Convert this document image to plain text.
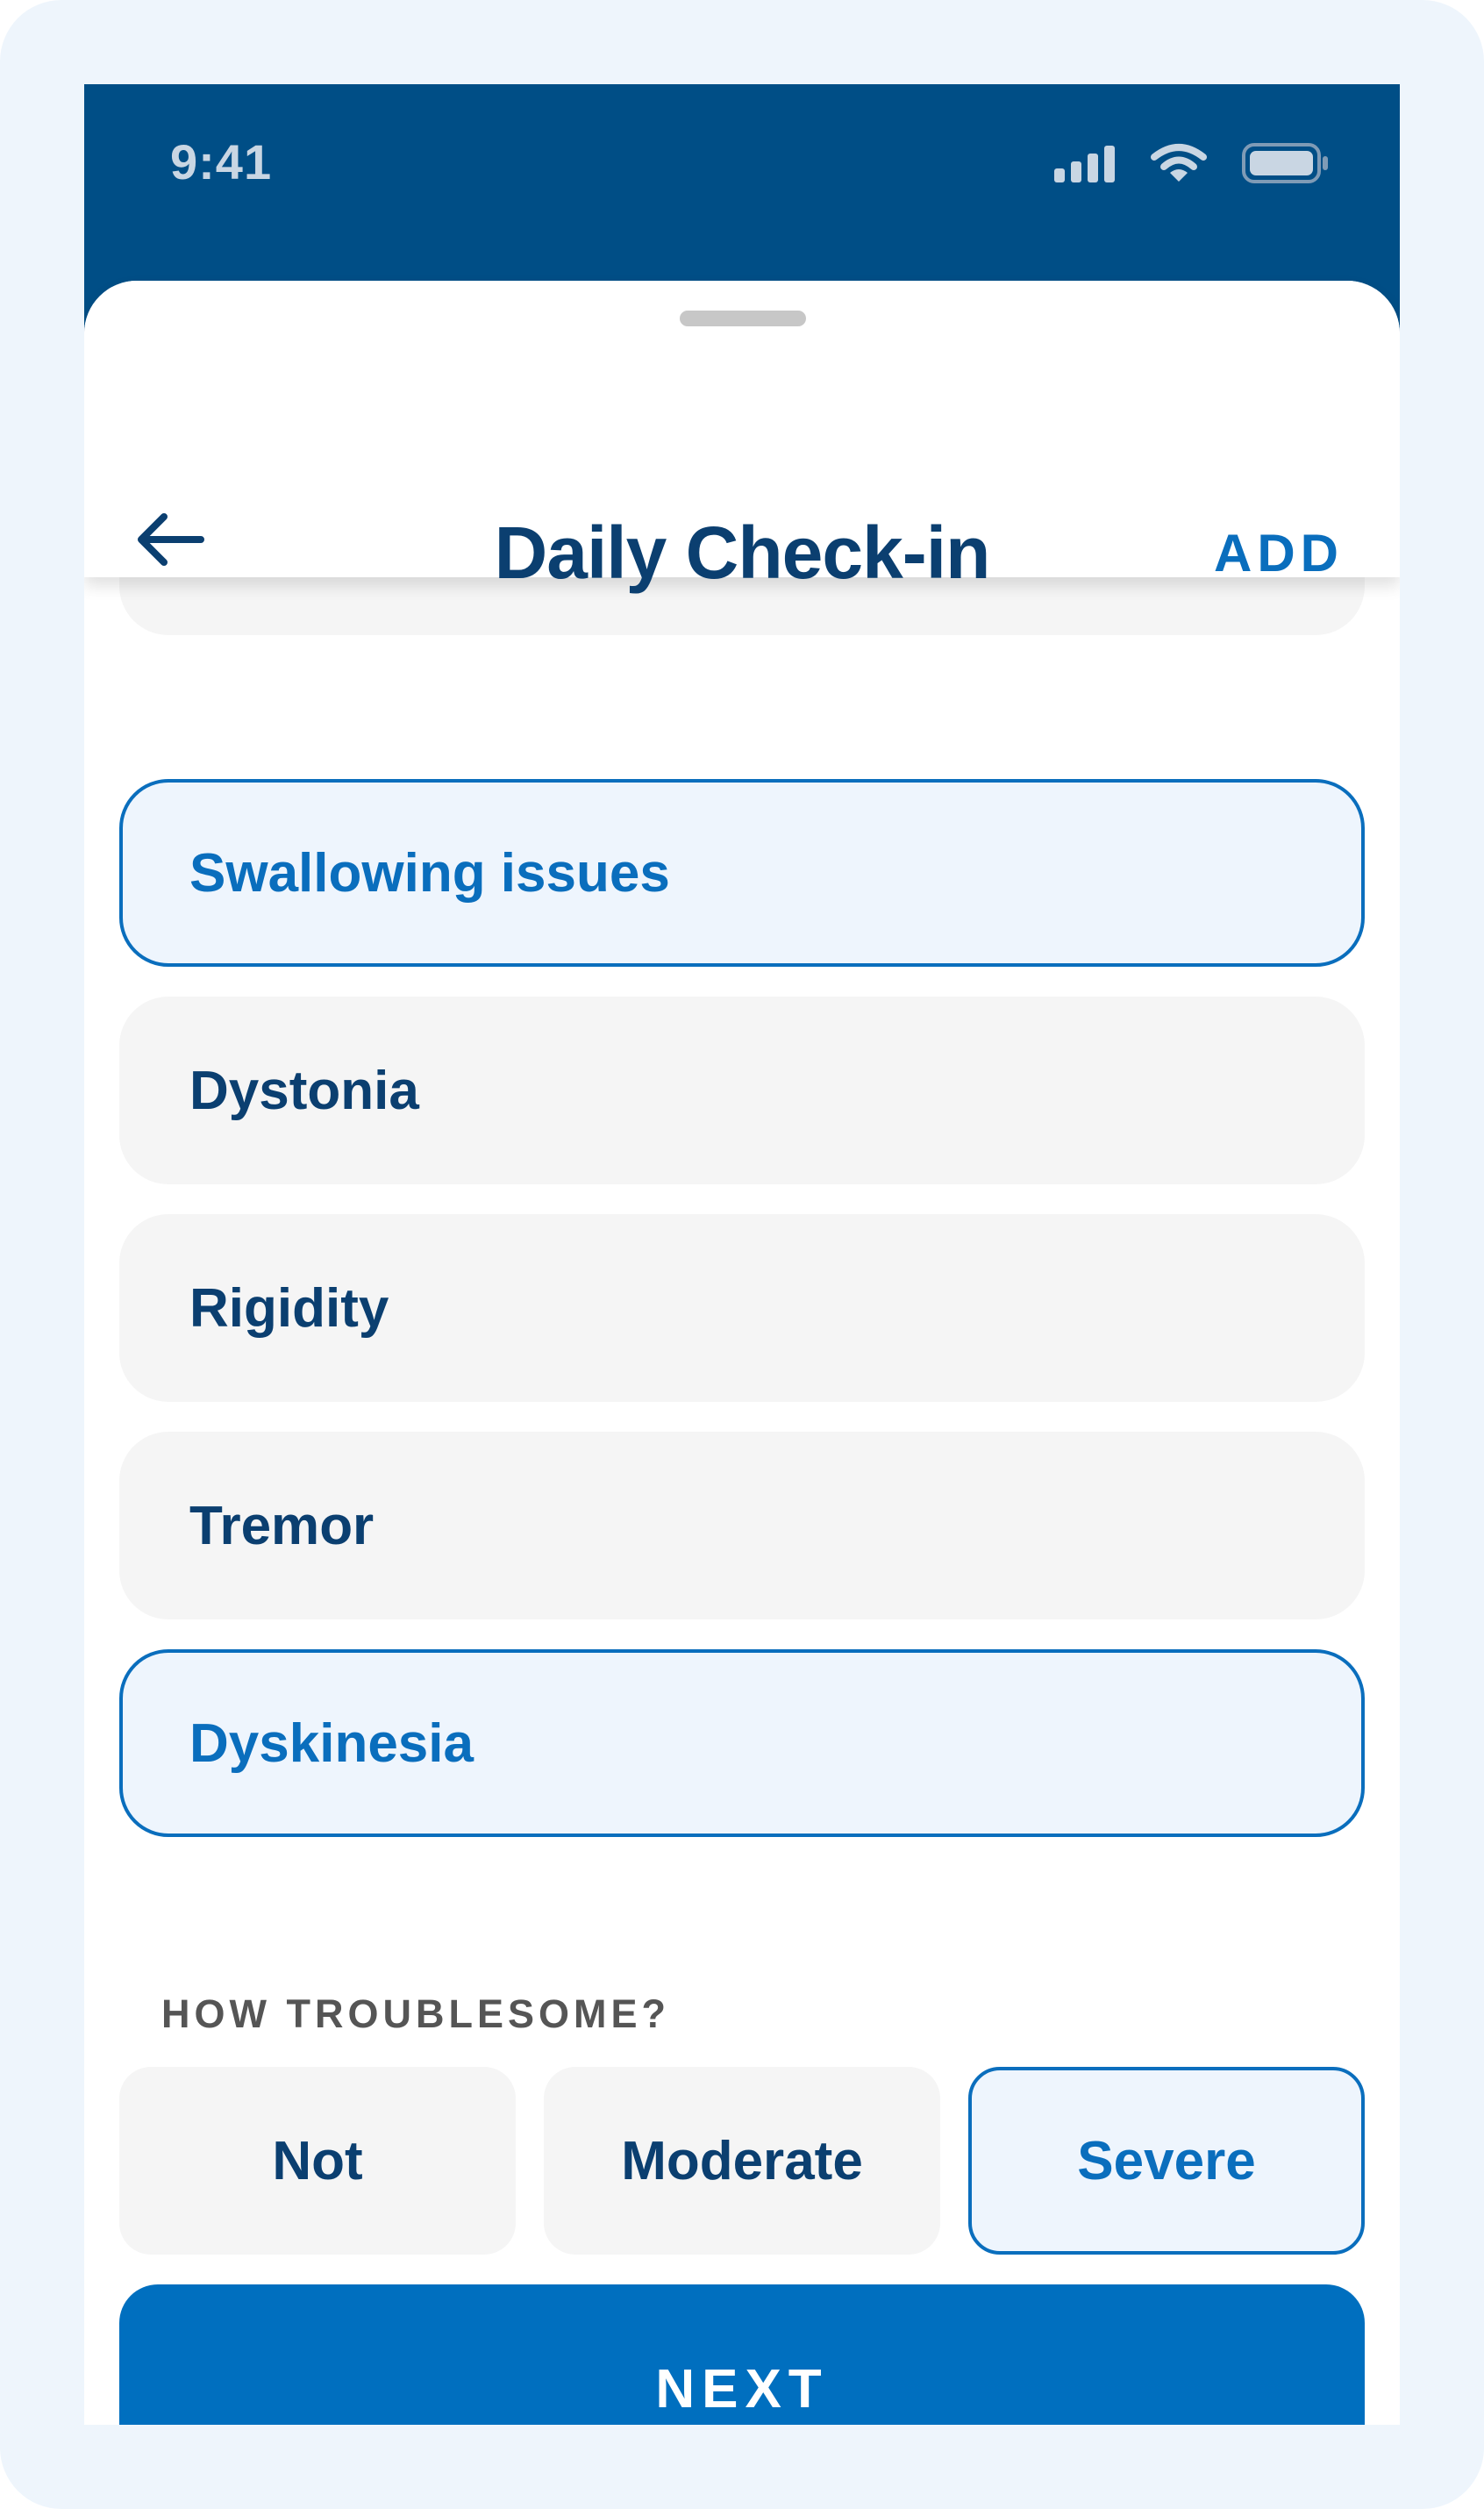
9:41
Daily Check-in	ADD
Swallowing issues
Dystonia
Rigidity
Tremor
Dyskinesia
HOW TROUBLESOME?
Not	Moderate	Severe
NEXT
